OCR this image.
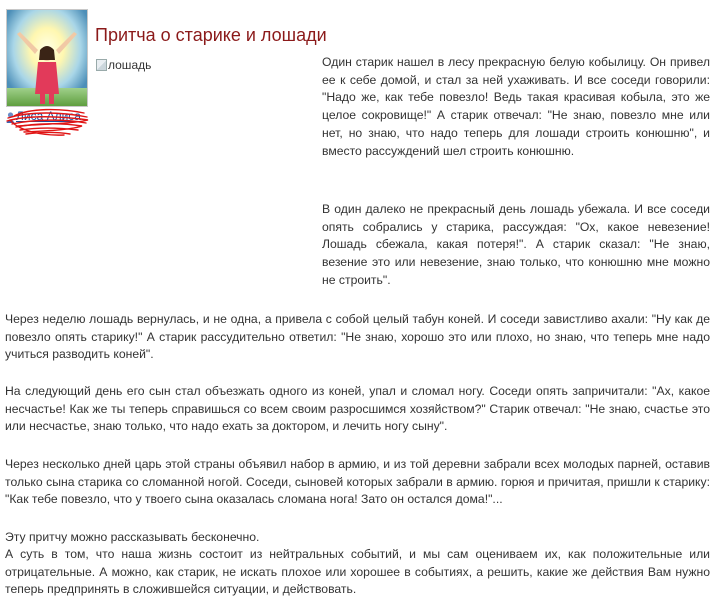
Лиса Алиса
Притча о старике и лошади
лошадь	Один старик нашел в лесу прекрасную белую кобылицу. Он привел ее к себе домой, и стал за ней ухаживать. И все соседи говорили: "Надо же, как тебе повезло! Ведь такая красивая кобыла, это же целое сокровище!" А старик отвечал: "Не знаю, повезло мне или нет, но знаю, что надо теперь для лошади строить конюшню", и вместо рассуждений шел строить конюшню.

В один далеко не прекрасный день лошадь убежала. И все соседи опять собрались у старика, рассуждая: "Ох, какое невезение! Лошадь сбежала, какая потеря!". А старик сказал: "Не знаю, везение это или невезение, знаю только, что конюшню мне можно не строить".

Через неделю лошадь вернулась, и не одна, а привела с собой целый табун коней. И соседи завистливо ахали: "Ну как де повезло опять старику!" А старик рассудительно ответил: "Не знаю, хорошо это или плохо, но знаю, что теперь мне надо учиться разводить коней".

На следующий день его сын стал объезжать одного из коней, упал и сломал ногу. Соседи опять запричитали: "Ах, какое несчастье! Как же ты теперь справишься со всем своим разросшимся хозяйством?" Старик отвечал: "Не знаю, счастье это или несчастье, знаю только, что надо ехать за доктором, и лечить ногу сыну".

Через несколько дней царь этой страны объявил набор в армию, и из той деревни забрали всех молодых парней, оставив только сына старика со сломанной ногой. Соседи, сыновей которых забрали в армию. горюя и причитая, пришли к старику: "Как тебе повезло, что у твоего сына оказалась сломана нога! Зато он остался дома!"...

Эту притчу можно рассказывать бесконечно.

А суть в том, что наша жизнь состоит из нейтральных событий, и мы сам оцениваем их, как положительные или отрицательные. А можно, как старик, не искать плохое или хорошее в событиях, а решить, какие же действия Вам нужно теперь предпринять в сложившейся ситуации, и действовать.
